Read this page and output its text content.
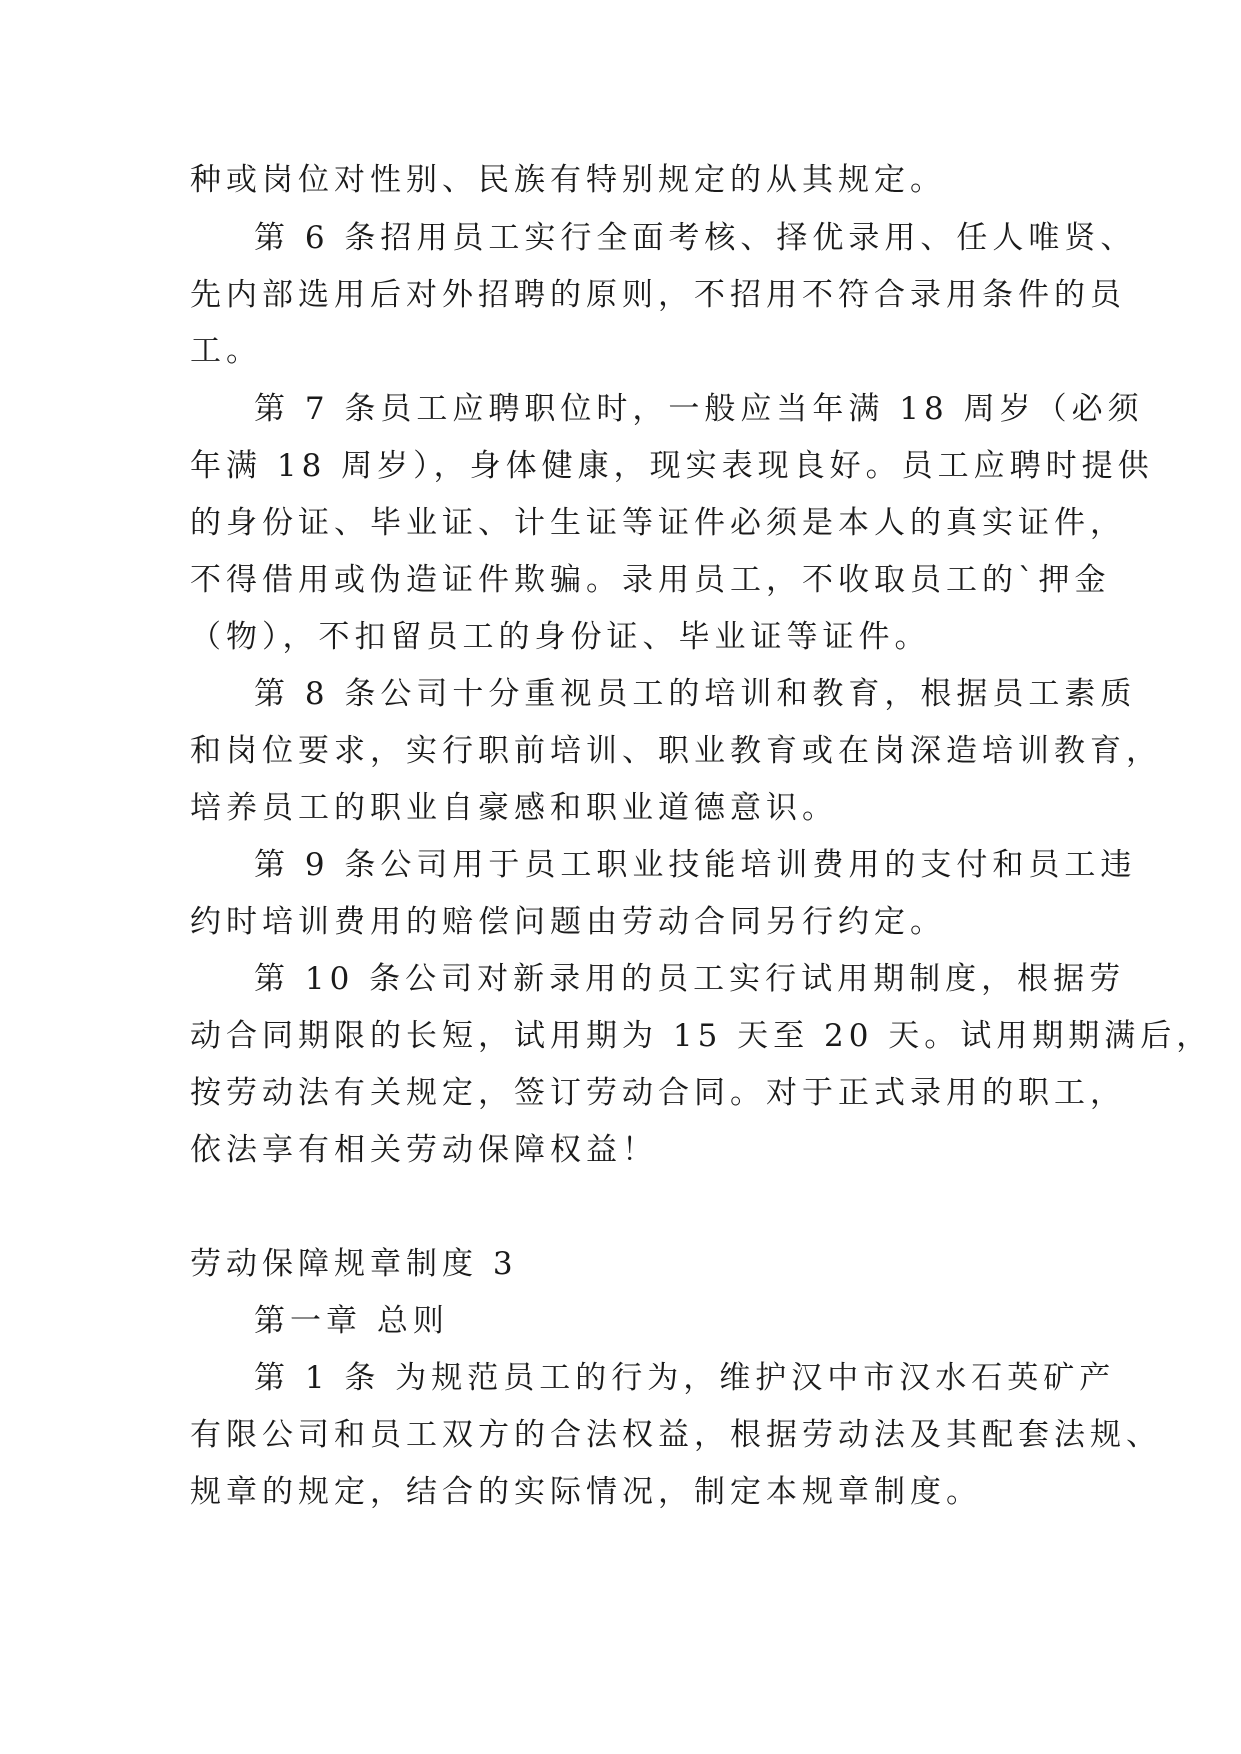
种或岗位对性别、民族有特别规定的从其规定。
第 6 条招用员工实行全面考核、择优录用、任人唯贤、
先内部选用后对外招聘的原则，不招用不符合录用条件的员
工。
第 7 条员工应聘职位时，一般应当年满 18 周岁（必须
年满 18 周岁），身体健康，现实表现良好。员工应聘时提供
的身份证、毕业证、计生证等证件必须是本人的真实证件，
不得借用或伪造证件欺骗。录用员工，不收取员工的`押金
（物），不扣留员工的身份证、毕业证等证件。
第 8 条公司十分重视员工的培训和教育，根据员工素质
和岗位要求，实行职前培训、职业教育或在岗深造培训教育，
培养员工的职业自豪感和职业道德意识。
第 9 条公司用于员工职业技能培训费用的支付和员工违
约时培训费用的赔偿问题由劳动合同另行约定。
第 10 条公司对新录用的员工实行试用期制度，根据劳
动合同期限的长短，试用期为 15 天至 20 天。试用期期满后，
按劳动法有关规定，签订劳动合同。对于正式录用的职工，
依法享有相关劳动保障权益！
劳动保障规章制度 3
第一章 总则
第 1 条 为规范员工的行为，维护汉中市汉水石英矿产
有限公司和员工双方的合法权益，根据劳动法及其配套法规、
规章的规定，结合的实际情况，制定本规章制度。
